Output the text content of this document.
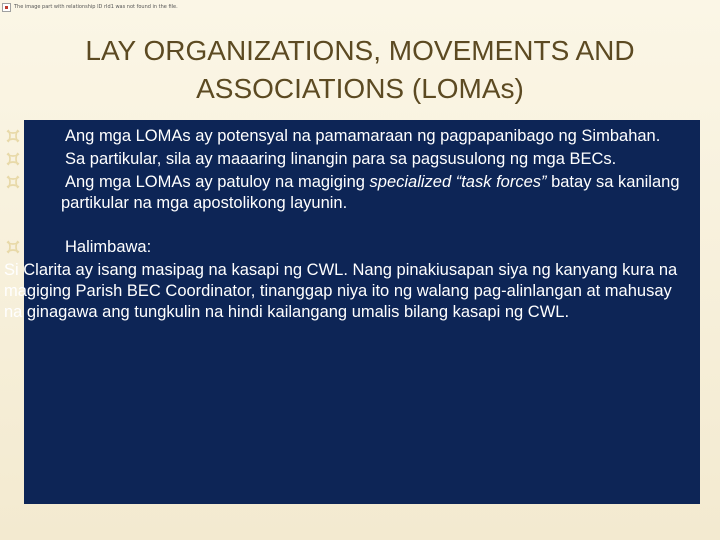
The image part with relationship ID rId1 was not found in the file.
LAY ORGANIZATIONS, MOVEMENTS AND
ASSOCIATIONS (LOMAs)
Ang mga LOMAs ay potensyal na pamamaraan ng pagpapanibago ng Simbahan.
Sa partikular, sila ay maaaring linangin para sa pagsusulong ng mga BECs.
Ang mga LOMAs ay patuloy na magiging specialized “task forces” batay sa kanilang partikular na mga apostolikong layunin.
Halimbawa:
Si Clarita ay isang masipag na kasapi ng CWL. Nang pinakiusapan siya ng kanyang kura na magiging Parish BEC Coordinator, tinanggap niya ito ng walang pag-alinlangan at mahusay na ginagawa ang tungkulin na hindi kailangang umalis bilang kasapi ng CWL.
